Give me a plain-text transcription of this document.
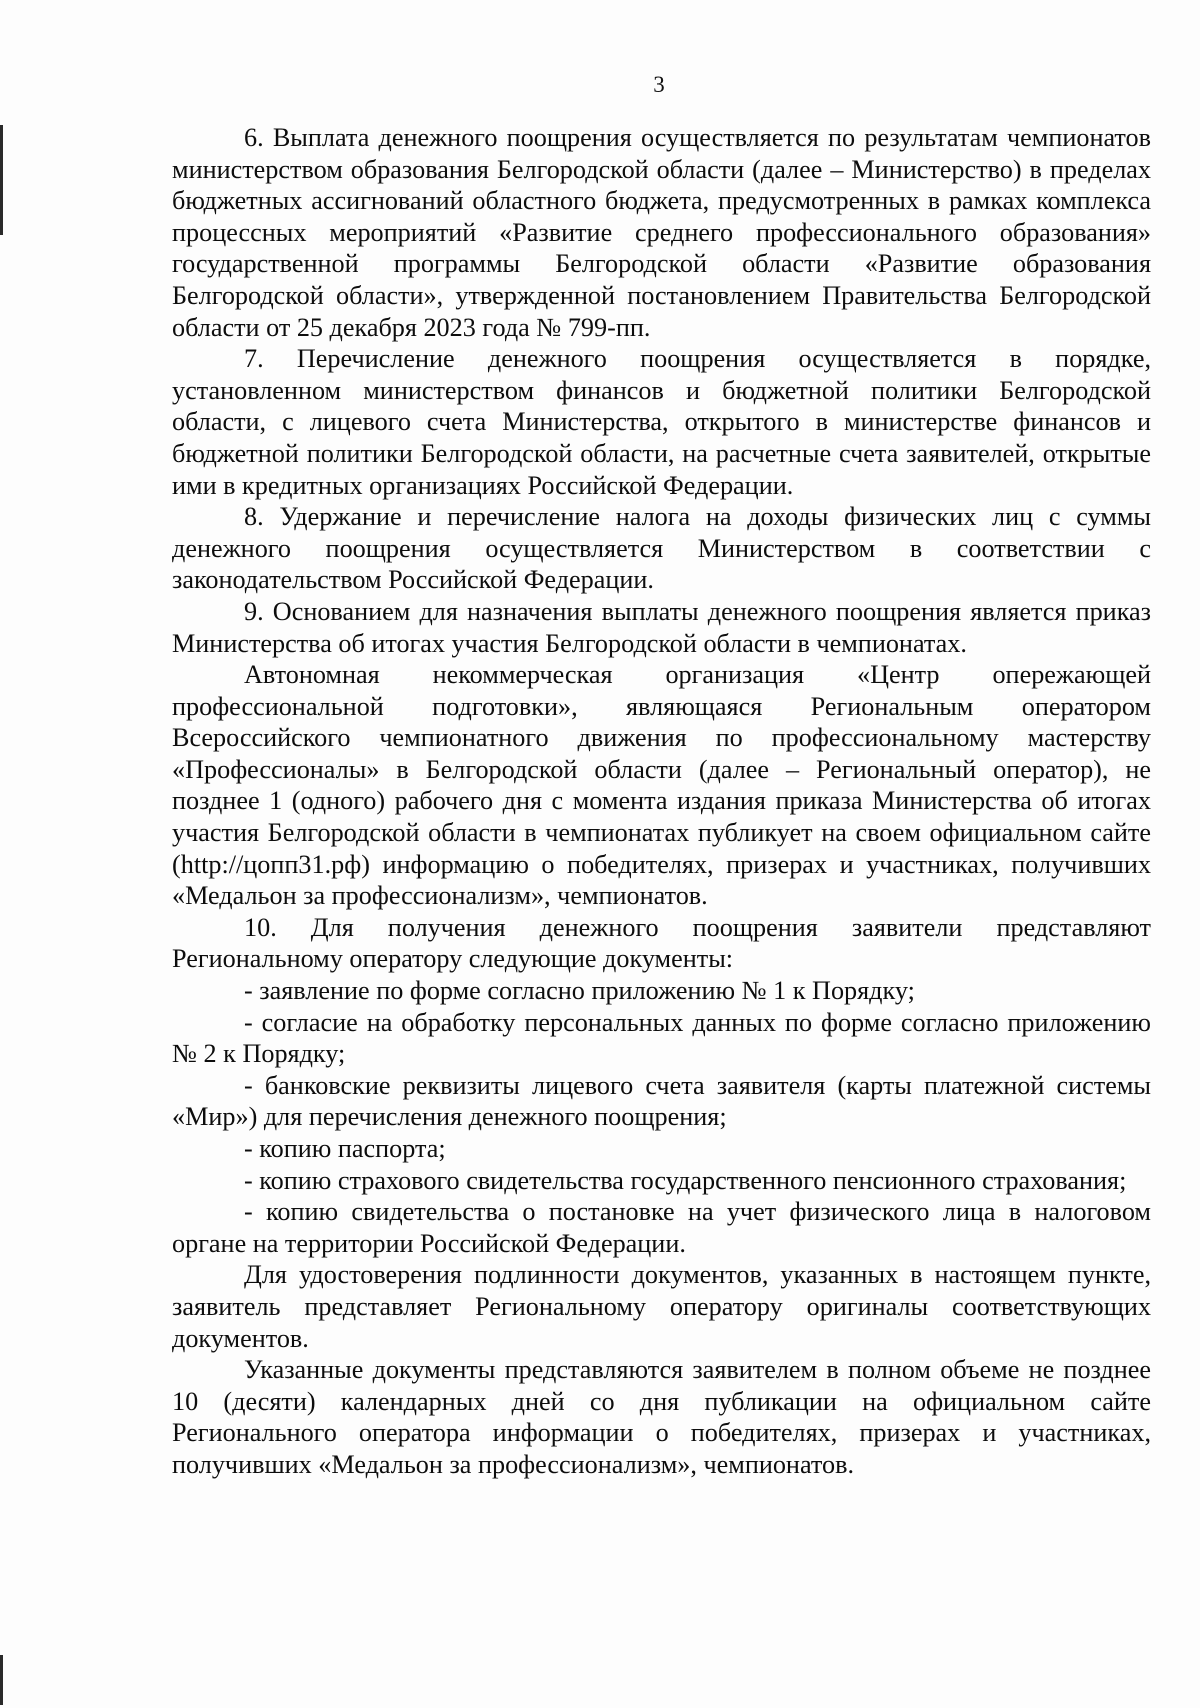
3

6. Выплата денежного поощрения осуществляется по результатам чемпионатов министерством образования Белгородской области (далее – Министерство) в пределах бюджетных ассигнований областного бюджета, предусмотренных в рамках комплекса процессных мероприятий «Развитие среднего профессионального образования» государственной программы Белгородской области «Развитие образования Белгородской области», утвержденной постановлением Правительства Белгородской области от 25 декабря 2023 года № 799-пп.

7. Перечисление денежного поощрения осуществляется в порядке, установленном министерством финансов и бюджетной политики Белгородской области, с лицевого счета Министерства, открытого в министерстве финансов и бюджетной политики Белгородской области, на расчетные счета заявителей, открытые ими в кредитных организациях Российской Федерации.

8. Удержание и перечисление налога на доходы физических лиц с суммы денежного поощрения осуществляется Министерством в соответствии с законодательством Российской Федерации.

9. Основанием для назначения выплаты денежного поощрения является приказ Министерства об итогах участия Белгородской области в чемпионатах.

Автономная некоммерческая организация «Центр опережающей профессиональной подготовки», являющаяся Региональным оператором Всероссийского чемпионатного движения по профессиональному мастерству «Профессионалы» в Белгородской области (далее – Региональный оператор), не позднее 1 (одного) рабочего дня с момента издания приказа Министерства об итогах участия Белгородской области в чемпионатах публикует на своем официальном сайте (http://цопп31.рф) информацию о победителях, призерах и участниках, получивших «Медальон за профессионализм», чемпионатов.

10. Для получения денежного поощрения заявители представляют Региональному оператору следующие документы:

- заявление по форме согласно приложению № 1 к Порядку;

- согласие на обработку персональных данных по форме согласно приложению № 2 к Порядку;

- банковские реквизиты лицевого счета заявителя (карты платежной системы «Мир») для перечисления денежного поощрения;

- копию паспорта;

- копию страхового свидетельства государственного пенсионного страхования;

- копию свидетельства о постановке на учет физического лица в налоговом органе на территории Российской Федерации.

Для удостоверения подлинности документов, указанных в настоящем пункте, заявитель представляет Региональному оператору оригиналы соответствующих документов.

Указанные документы представляются заявителем в полном объеме не позднее 10 (десяти) календарных дней со дня публикации на официальном сайте Регионального оператора информации о победителях, призерах и участниках, получивших «Медальон за профессионализм», чемпионатов.
